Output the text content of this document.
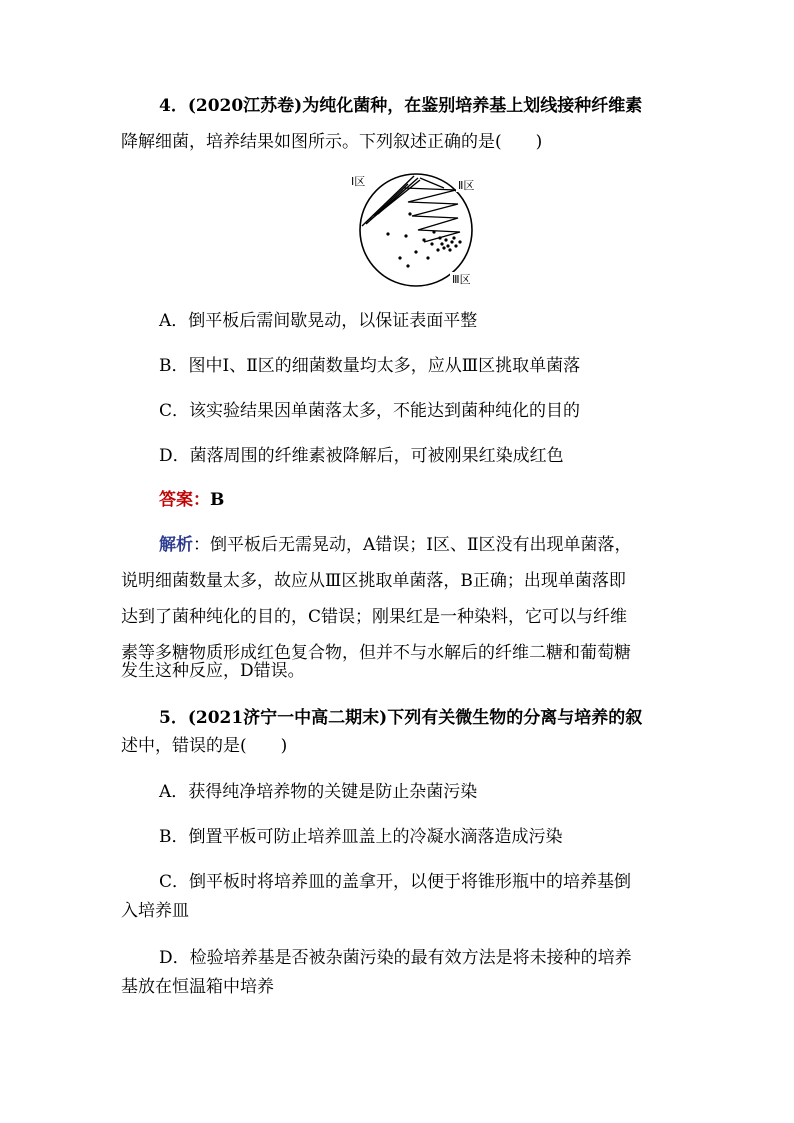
4．(2020江苏卷)为纯化菌种，在鉴别培养基上划线接种纤维素
降解细菌，培养结果如图所示。下列叙述正确的是(　　)
Ⅰ区	Ⅱ区
Ⅲ区
A．倒平板后需间歇晃动，以保证表面平整
B．图中Ⅰ、Ⅱ区的细菌数量均太多，应从Ⅲ区挑取单菌落
C．该实验结果因单菌落太多，不能达到菌种纯化的目的
D．菌落周围的纤维素被降解后，可被刚果红染成红色
答案：B
解析：倒平板后无需晃动，A错误；Ⅰ区、Ⅱ区没有出现单菌落，
说明细菌数量太多，故应从Ⅲ区挑取单菌落，B正确；出现单菌落即
达到了菌种纯化的目的，C错误；刚果红是一种染料，它可以与纤维
素等多糖物质形成红色复合物，但并不与水解后的纤维二糖和葡萄糖
发生这种反应，D错误。
5．(2021济宁一中高二期末)下列有关微生物的分离与培养的叙
述中，错误的是(　　)
A．获得纯净培养物的关键是防止杂菌污染
B．倒置平板可防止培养皿盖上的冷凝水滴落造成污染
C．倒平板时将培养皿的盖拿开，以便于将锥形瓶中的培养基倒
入培养皿
D．检验培养基是否被杂菌污染的最有效方法是将未接种的培养
基放在恒温箱中培养
